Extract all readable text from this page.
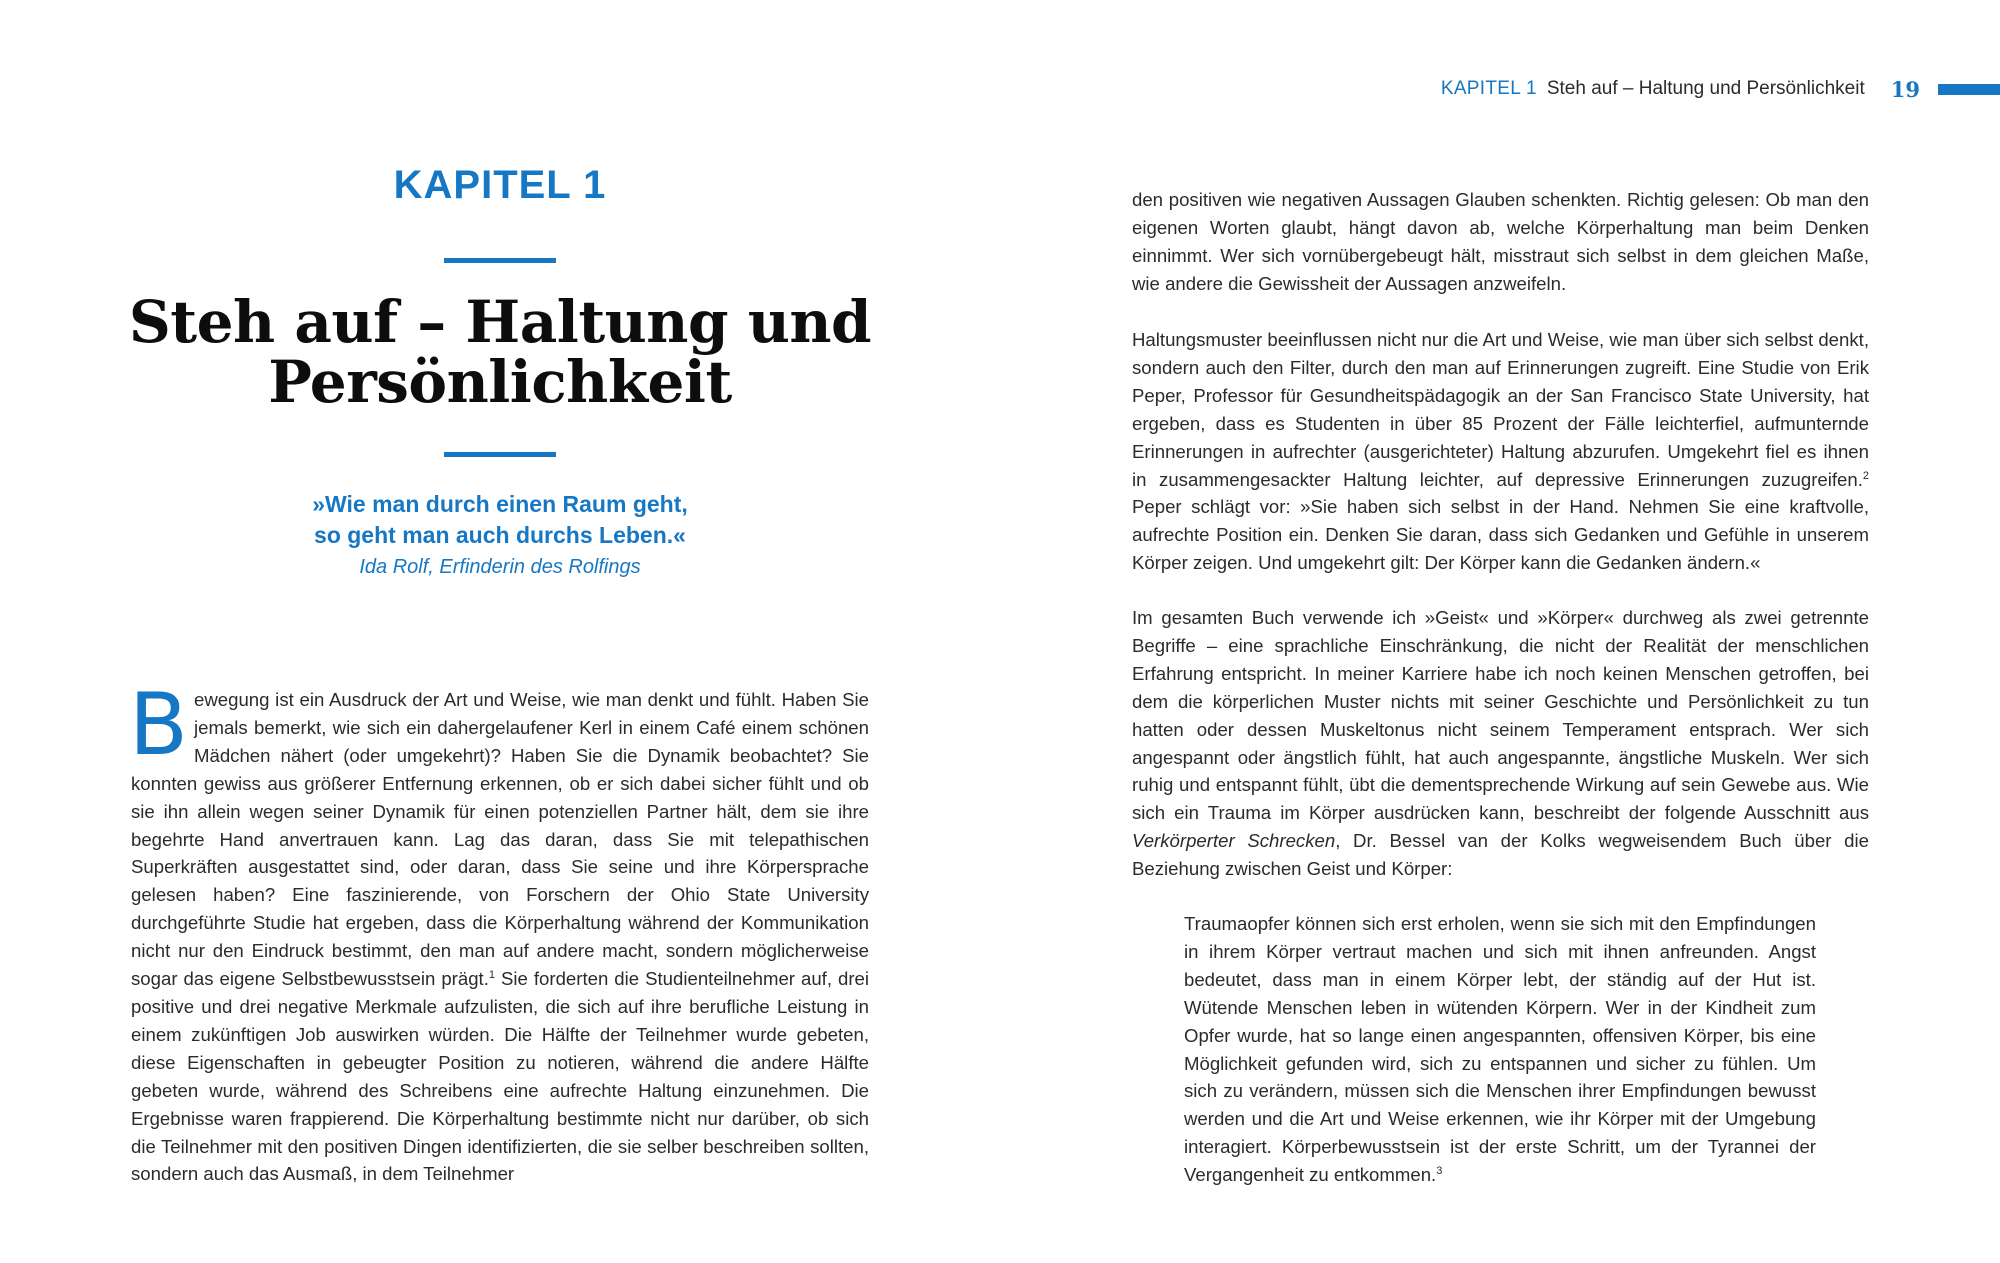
KAPITEL 1
Steh auf – Haltung und
Persönlichkeit
»Wie man durch einen Raum geht,
so geht man auch durchs Leben.«
Ida Rolf, Erfinderin des Rolfings

Bewegung ist ein Ausdruck der Art und Weise, wie man denkt und fühlt. Haben Sie jemals bemerkt, wie sich ein dahergelaufener Kerl in einem Café einem schönen Mädchen nähert (oder umgekehrt)? Haben Sie die Dynamik beobachtet? Sie konnten gewiss aus größerer Entfernung erkennen, ob er sich dabei sicher fühlt und ob sie ihn allein wegen seiner Dynamik für einen potenziellen Partner hält, dem sie ihre begehrte Hand anvertrauen kann. Lag das daran, dass Sie mit telepathischen Superkräften ausgestattet sind, oder daran, dass Sie seine und ihre Körpersprache gelesen haben? Eine faszinierende, von Forschern der Ohio State University durchgeführte Studie hat ergeben, dass die Körperhaltung während der Kommunikation nicht nur den Eindruck bestimmt, den man auf andere macht, sondern möglicherweise sogar das eigene Selbstbewusstsein prägt.$^1$ Sie forderten die Studienteilnehmer auf, drei positive und drei negative Merkmale aufzulisten, die sich auf ihre berufliche Leistung in einem zukünftigen Job auswirken würden. Die Hälfte der Teilnehmer wurde gebeten, diese Eigenschaften in gebeugter Position zu notieren, während die andere Hälfte gebeten wurde, während des Schreibens eine aufrechte Haltung einzunehmen. Die Ergebnisse waren frappierend. Die Körperhaltung bestimmte nicht nur darüber, ob sich die Teilnehmer mit den positiven Dingen identifizierten, die sie selber beschreiben sollten, sondern auch das Ausmaß, in dem Teilnehmer

KAPITEL 1 Steh auf – Haltung und Persönlichkeit 19

den positiven wie negativen Aussagen Glauben schenkten. Richtig gelesen: Ob man den eigenen Worten glaubt, hängt davon ab, welche Körperhaltung man beim Denken einnimmt. Wer sich vornübergebeugt hält, misstraut sich selbst in dem gleichen Maße, wie andere die Gewissheit der Aussagen anzweifeln.

Haltungsmuster beeinflussen nicht nur die Art und Weise, wie man über sich selbst denkt, sondern auch den Filter, durch den man auf Erinnerungen zugreift. Eine Studie von Erik Peper, Professor für Gesundheitspädagogik an der San Francisco State University, hat ergeben, dass es Studenten in über 85 Prozent der Fälle leichterfiel, aufmunternde Erinnerungen in aufrechter (ausgerichteter) Haltung abzurufen. Umgekehrt fiel es ihnen in zusammengesackter Haltung leichter, auf depressive Erinnerungen zuzugreifen.$^2$ Peper schlägt vor: »Sie haben sich selbst in der Hand. Nehmen Sie eine kraftvolle, aufrechte Position ein. Denken Sie daran, dass sich Gedanken und Gefühle in unserem Körper zeigen. Und umgekehrt gilt: Der Körper kann die Gedanken ändern.«

Im gesamten Buch verwende ich »Geist« und »Körper« durchweg als zwei getrennte Begriffe – eine sprachliche Einschränkung, die nicht der Realität der menschlichen Erfahrung entspricht. In meiner Karriere habe ich noch keinen Menschen getroffen, bei dem die körperlichen Muster nichts mit seiner Geschichte und Persönlichkeit zu tun hatten oder dessen Muskeltonus nicht seinem Temperament entsprach. Wer sich angespannt oder ängstlich fühlt, hat auch angespannte, ängstliche Muskeln. Wer sich ruhig und entspannt fühlt, übt die dementsprechende Wirkung auf sein Gewebe aus. Wie sich ein Trauma im Körper ausdrücken kann, beschreibt der folgende Ausschnitt aus Verkörperter Schrecken, Dr. Bessel van der Kolks wegweisendem Buch über die Beziehung zwischen Geist und Körper:

Traumaopfer können sich erst erholen, wenn sie sich mit den Empfindungen in ihrem Körper vertraut machen und sich mit ihnen anfreunden. Angst bedeutet, dass man in einem Körper lebt, der ständig auf der Hut ist. Wütende Menschen leben in wütenden Körpern. Wer in der Kindheit zum Opfer wurde, hat so lange einen angespannten, offensiven Körper, bis eine Möglichkeit gefunden wird, sich zu entspannen und sicher zu fühlen. Um sich zu verändern, müssen sich die Menschen ihrer Empfindungen bewusst werden und die Art und Weise erkennen, wie ihr Körper mit der Umgebung interagiert. Körperbewusstsein ist der erste Schritt, um der Tyrannei der Vergangenheit zu entkommen.$^3$
